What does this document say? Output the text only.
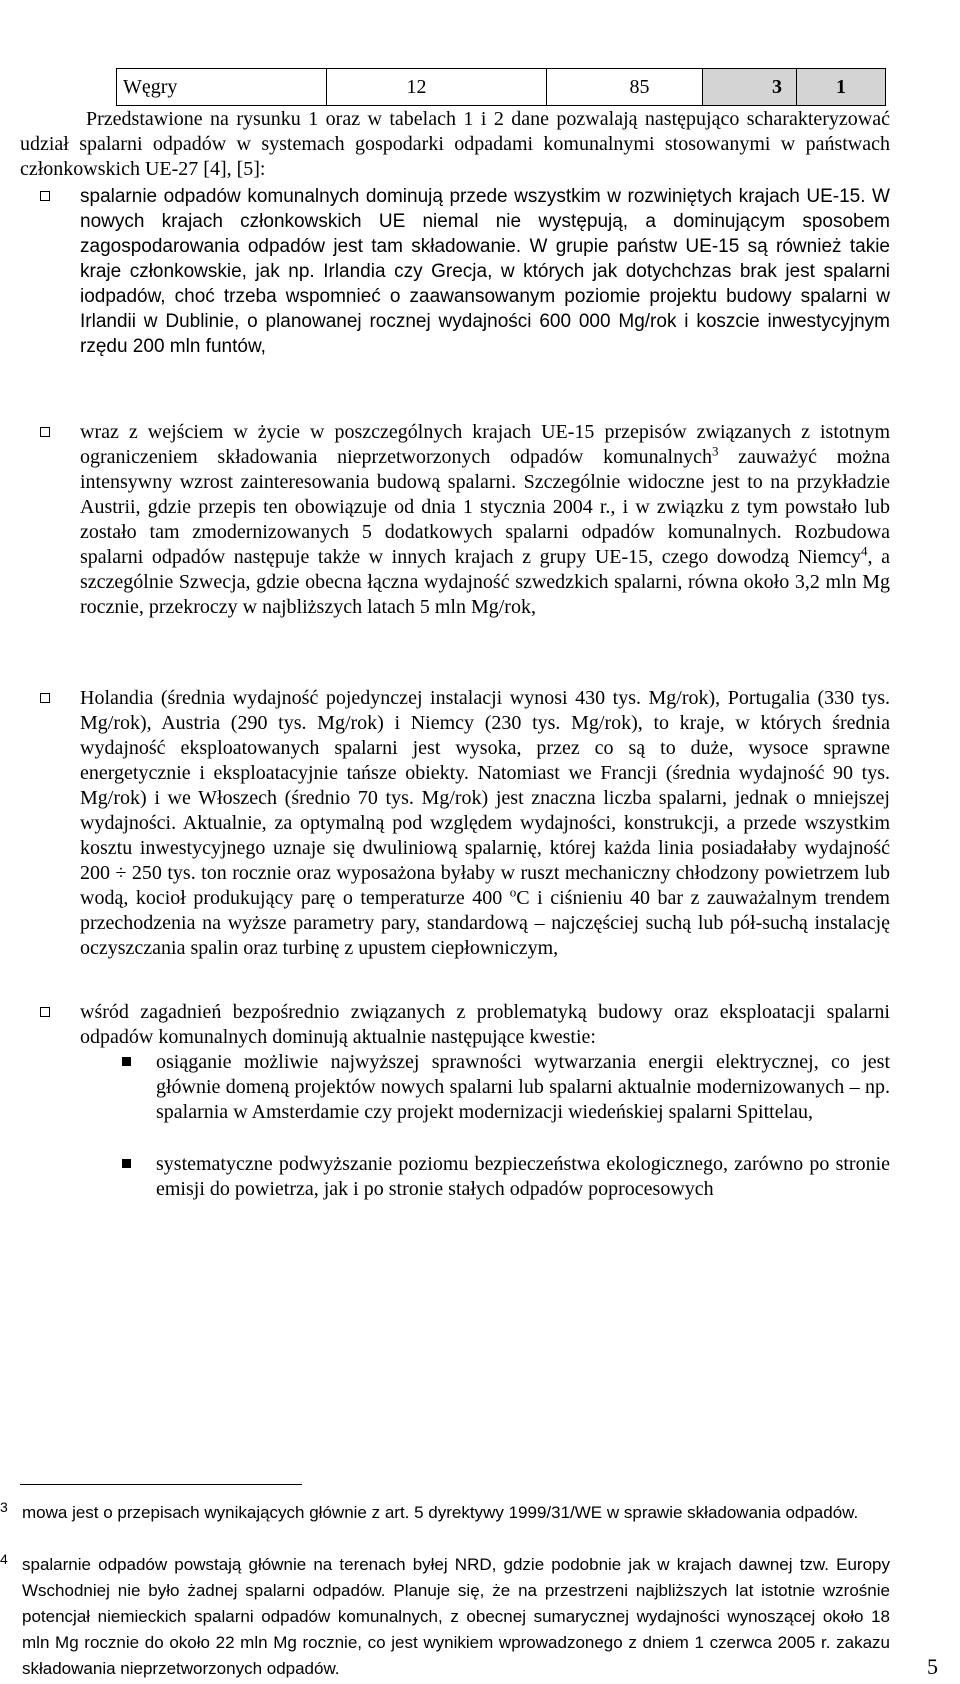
Węgry	12	85	3	1
Przedstawione na rysunku 1 oraz w tabelach 1 i 2 dane pozwalają następująco scharakteryzować udział spalarni odpadów w systemach gospodarki odpadami komunalnymi stosowanymi w państwach członkowskich UE-27 [4], [5]:
spalarnie odpadów komunalnych dominują przede wszystkim w rozwiniętych krajach UE-15. W nowych krajach członkowskich UE niemal nie występują, a dominującym sposobem zagospodarowania odpadów jest tam składowanie. W grupie państw UE-15 są również takie kraje członkowskie, jak np. Irlandia czy Grecja, w których jak dotychchzas brak jest spalarni iodpadów, choć trzeba wspomnieć o zaawansowanym poziomie projektu budowy spalarni w Irlandii w Dublinie, o planowanej rocznej wydajności 600 000 Mg/rok i koszcie inwestycyjnym rzędu 200 mln funtów,
wraz z wejściem w życie w poszczególnych krajach UE-15 przepisów związanych z istotnym ograniczeniem składowania nieprzetworzonych odpadów komunalnych$^3$ zauważyć można intensywny wzrost zainteresowania budową spalarni. Szczególnie widoczne jest to na przykładzie Austrii, gdzie przepis ten obowiązuje od dnia 1 stycznia 2004 r., i w związku z tym powstało lub zostało tam zmodernizowanych 5 dodatkowych spalarni odpadów komunalnych. Rozbudowa spalarni odpadów następuje także w innych krajach z grupy UE-15, czego dowodzą Niemcy$^4$, a szczególnie Szwecja, gdzie obecna łączna wydajność szwedzkich spalarni, równa około 3,2 mln Mg rocznie, przekroczy w najbliższych latach 5 mln Mg/rok,
Holandia (średnia wydajność pojedynczej instalacji wynosi 430 tys. Mg/rok), Portugalia (330 tys. Mg/rok), Austria (290 tys. Mg/rok) i Niemcy (230 tys. Mg/rok), to kraje, w których średnia wydajność eksploatowanych spalarni jest wysoka, przez co są to duże, wysoce sprawne energetycznie i eksploatacyjnie tańsze obiekty. Natomiast we Francji (średnia wydajność 90 tys. Mg/rok) i we Włoszech (średnio 70 tys. Mg/rok) jest znaczna liczba spalarni, jednak o mniejszej wydajności. Aktualnie, za optymalną pod względem wydajności, konstrukcji, a przede wszystkim kosztu inwestycyjnego uznaje się dwuliniową spalarnię, której każda linia posiadałaby wydajność 200 ÷ 250 tys. ton rocznie oraz wyposażona byłaby w ruszt mechaniczny chłodzony powietrzem lub wodą, kocioł produkujący parę o temperaturze 400 $^o$C i ciśnieniu 40 bar z zauważalnym trendem przechodzenia na wyższe parametry pary, standardową – najczęściej suchą lub pół-suchą instalację oczyszczania spalin oraz turbinę z upustem ciepłowniczym,
wśród zagadnień bezpośrednio związanych z problematyką budowy oraz eksploatacji spalarni odpadów komunalnych dominują aktualnie następujące kwestie:
osiąganie możliwie najwyższej sprawności wytwarzania energii elektrycznej, co jest głównie domeną projektów nowych spalarni lub spalarni aktualnie modernizowanych – np. spalarnia w Amsterdamie czy projekt modernizacji wiedeńskiej spalarni Spittelau,
systematyczne podwyższanie poziomu bezpieczeństwa ekologicznego, zarówno po stronie emisji do powietrza, jak i po stronie stałych odpadów poprocesowych
3 mowa jest o przepisach wynikających głównie z art. 5 dyrektywy 1999/31/WE w sprawie składowania odpadów.
4 spalarnie odpadów powstają głównie na terenach byłej NRD, gdzie podobnie jak w krajach dawnej tzw. Europy Wschodniej nie było żadnej spalarni odpadów. Planuje się, że na przestrzeni najbliższych lat istotnie wzrośnie potencjał niemieckich spalarni odpadów komunalnych, z obecnej sumarycznej wydajności wynoszącej około 18 mln Mg rocznie do około 22 mln Mg rocznie, co jest wynikiem wprowadzonego z dniem 1 czerwca 2005 r. zakazu składowania nieprzetworzonych odpadów.	5
